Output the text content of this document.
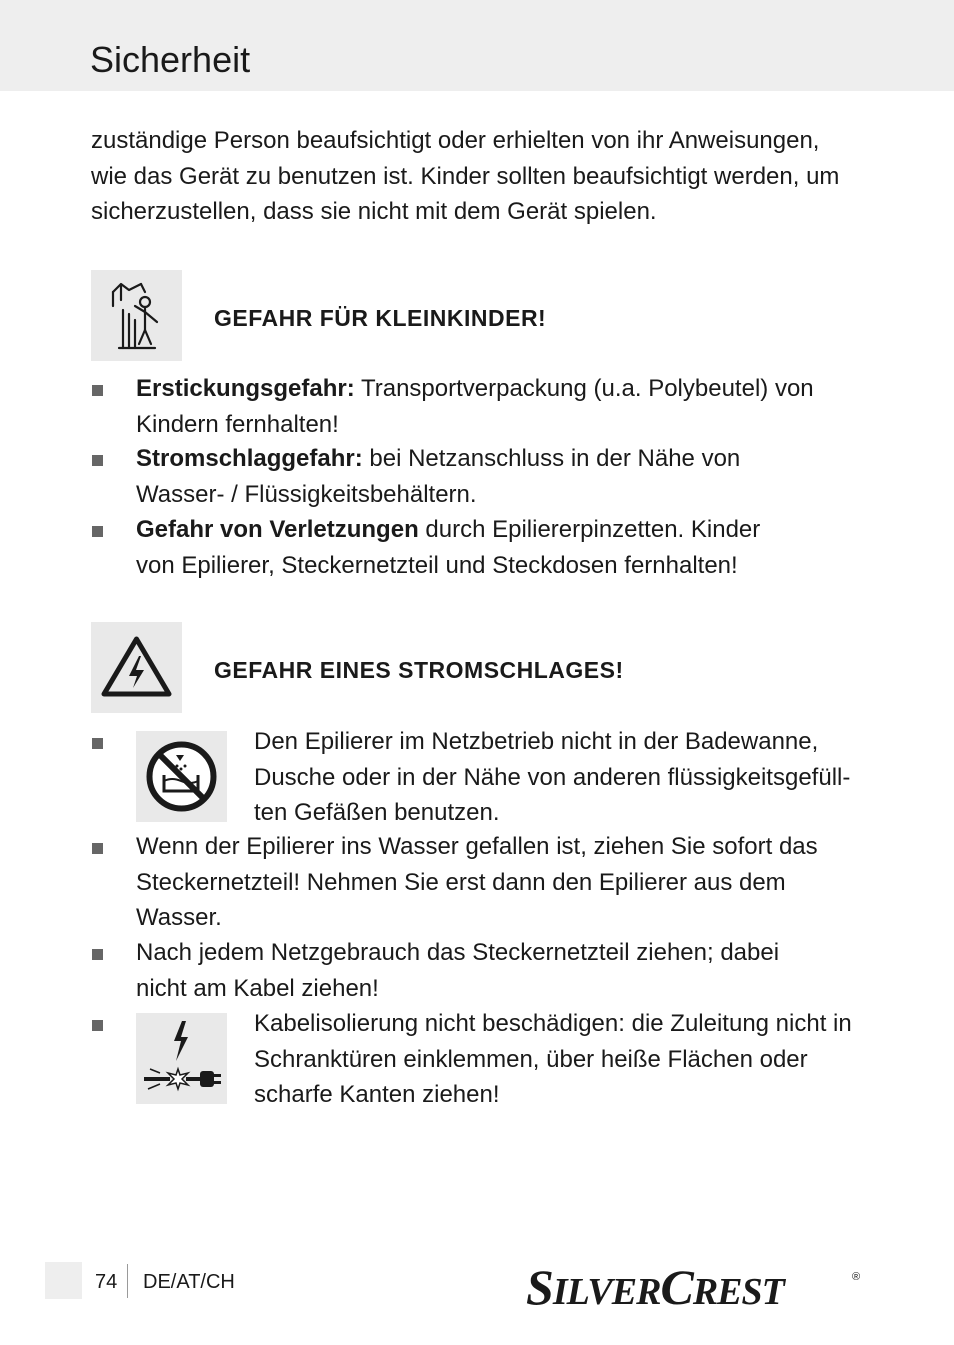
Sicherheit

zuständige Person beaufsichtigt oder erhielten von ihr Anweisungen,

wie das Gerät zu benutzen ist. Kinder sollten beaufsichtigt werden, um

sicherzustellen, dass sie nicht mit dem Gerät spielen.

GEFAHR FÜR KLEINKINDER!

Erstickungsgefahr: Transportverpackung (u.a. Polybeutel) von

Kindern fernhalten!

Stromschlaggefahr: bei Netzanschluss in der Nähe von

Wasser- / Flüssigkeitsbehältern.

Gefahr von Verletzungen durch Epiliererpinzetten. Kinder

von Epilierer, Steckernetzteil und Steckdosen fernhalten!

GEFAHR EINES STROMSCHLAGES!

Den Epilierer im Netzbetrieb nicht in der Badewanne,

Dusche oder in der Nähe von anderen flüssigkeitsgefüll-

ten Gefäßen benutzen.

Wenn der Epilierer ins Wasser gefallen ist, ziehen Sie sofort das

Steckernetzteil! Nehmen Sie erst dann den Epilierer aus dem

Wasser.

Nach jedem Netzgebrauch das Steckernetzteil ziehen; dabei

nicht am Kabel ziehen!

Kabelisolierung nicht beschädigen: die Zuleitung nicht in

Schranktüren einklemmen, über heiße Flächen oder

scharfe Kanten ziehen!

74 DE/AT/CH	SILVERCREST	®
